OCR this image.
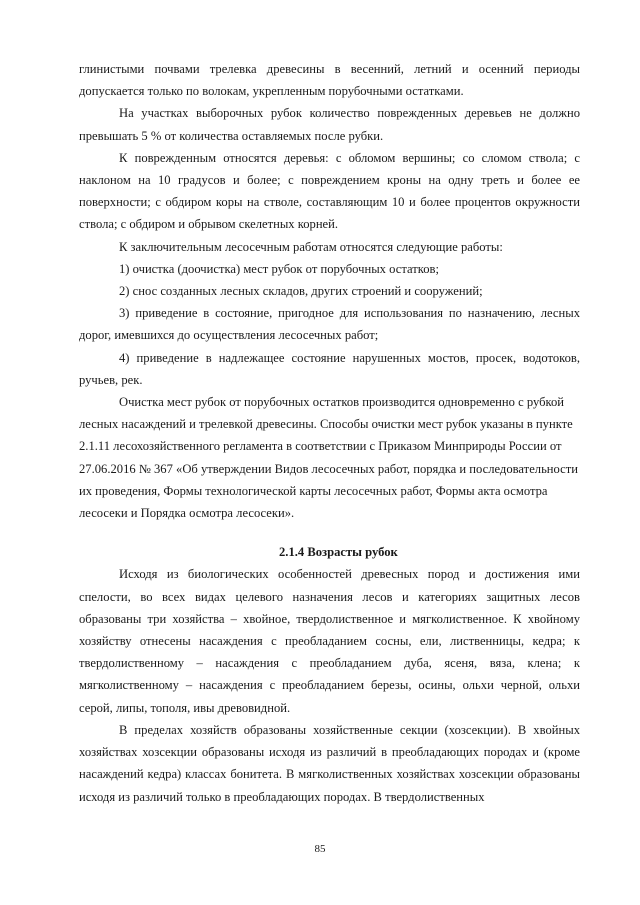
глинистыми почвами трелевка древесины в весенний, летний и осенний периоды допускается только по волокам, укрепленным порубочными остатками.

На участках выборочных рубок количество поврежденных деревьев не должно превышать 5 % от количества оставляемых после рубки.

К поврежденным относятся деревья: с обломом вершины; со сломом ствола; с наклоном на 10 градусов и более; с повреждением кроны на одну треть и более ее поверхности; с обдиром коры на стволе, составляющим 10 и более процентов окружности ствола; с обдиром и обрывом скелетных корней.

К заключительным лесосечным работам относятся следующие работы:

1) очистка (доочистка) мест рубок от порубочных остатков;

2) снос созданных лесных складов, других строений и сооружений;

3) приведение в состояние, пригодное для использования по назначению, лесных дорог, имевшихся до осуществления лесосечных работ;

4) приведение в надлежащее состояние нарушенных мостов, просек, водотоков, ручьев, рек.

Очистка мест рубок от порубочных остатков производится одновременно с рубкой лесных насаждений и трелевкой древесины. Способы очистки мест рубок указаны в пункте 2.1.11 лесохозяйственного регламента в соответствии с Приказом Минприроды России от 27.06.2016 № 367 «Об утверждении Видов лесосечных работ, порядка и последовательности их проведения, Формы технологической карты лесосечных работ, Формы акта осмотра лесосеки и Порядка осмотра лесосеки».

2.1.4 Возрасты рубок

Исходя из биологических особенностей древесных пород и достижения ими спелости, во всех видах целевого назначения лесов и категориях защитных лесов образованы три хозяйства – хвойное, твердолиственное и мягколиственное. К хвойному хозяйству отнесены насаждения с преобладанием сосны, ели, лиственницы, кедра; к твердолиственному – насаждения с преобладанием дуба, ясеня, вяза, клена; к мягколиственному – насаждения с преобладанием березы, осины, ольхи черной, ольхи серой, липы, тополя, ивы древовидной.

В пределах хозяйств образованы хозяйственные секции (хозсекции). В хвойных хозяйствах хозсекции образованы исходя из различий в преобладающих породах и (кроме насаждений кедра) классах бонитета. В мягколиственных хозяйствах хозсекции образованы исходя из различий только в преобладающих породах. В твердолиственных

85
